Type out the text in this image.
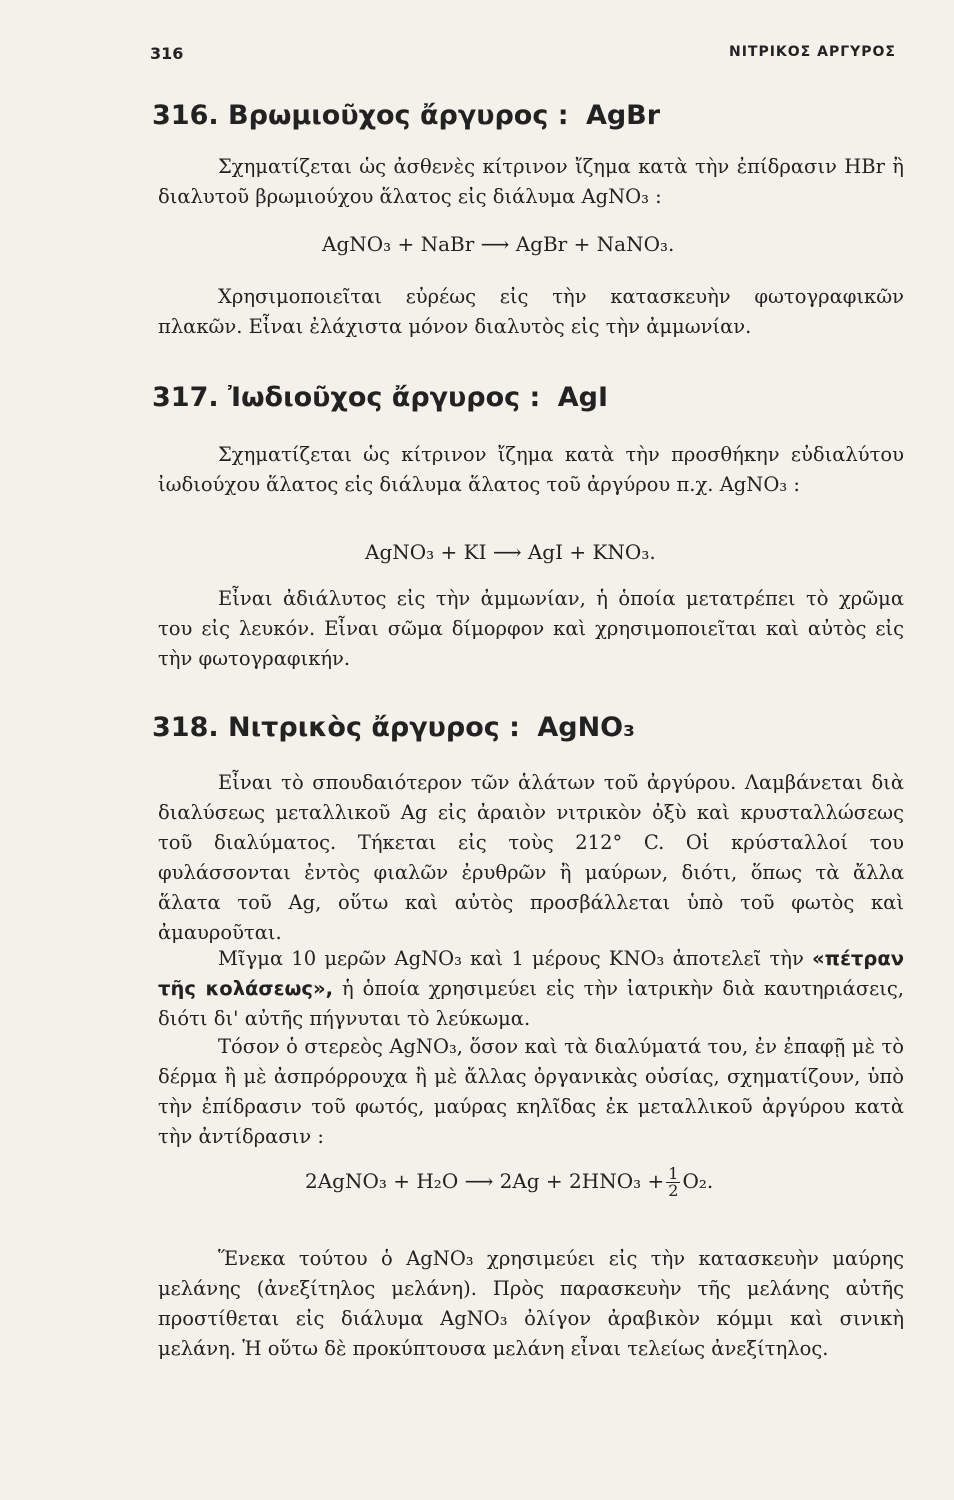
316	ΝΙΤΡΙΚΟΣ ΑΡΓΥΡΟΣ
316. Βρωμιοῦχος ἄργυρος : AgBr

Σχηματίζεται ὡς ἀσθενὲς κίτρινον ἴζημα κατὰ τὴν ἐπίδρασιν HBr ἢ διαλυτοῦ βρωμιούχου ἅλατος εἰς διάλυμα AgNO₃ :

AgNO₃ + NaBr ⟶ AgBr + NaNO₃.

Χρησιμοποιεῖται εὐρέως εἰς τὴν κατασκευὴν φωτογραφικῶν πλακῶν. Εἶναι ἐλάχιστα μόνον διαλυτὸς εἰς τὴν ἀμμωνίαν.

317. Ἰωδιοῦχος ἄργυρος : AgI

Σχηματίζεται ὡς κίτρινον ἴζημα κατὰ τὴν προσθήκην εὐδιαλύτου ἰωδιούχου ἅλατος εἰς διάλυμα ἅλατος τοῦ ἀργύρου π.χ. AgNO₃ :

AgNO₃ + KI ⟶ AgI + KNO₃.

Εἶναι ἀδιάλυτος εἰς τὴν ἀμμωνίαν, ἡ ὁποία μετατρέπει τὸ χρῶμα του εἰς λευκόν. Εἶναι σῶμα δίμορφον καὶ χρησιμοποιεῖται καὶ αὐτὸς εἰς τὴν φωτογραφικήν.

318. Νιτρικὸς ἄργυρος : AgNO₃

Εἶναι τὸ σπουδαιότερον τῶν ἁλάτων τοῦ ἀργύρου. Λαμβάνεται διὰ διαλύσεως μεταλλικοῦ Ag εἰς ἀραιὸν νιτρικὸν ὀξὺ καὶ κρυσταλλώσεως τοῦ διαλύματος. Τήκεται εἰς τοὺς 212° C. Οἱ κρύσταλλοί του φυλάσσονται ἐντὸς φιαλῶν ἐρυθρῶν ἢ μαύρων, διότι, ὅπως τὰ ἄλλα ἅλατα τοῦ Ag, οὕτω καὶ αὐτὸς προσβάλλεται ὑπὸ τοῦ φωτὸς καὶ ἀμαυροῦται.

Μῖγμα 10 μερῶν AgNO₃ καὶ 1 μέρους KNO₃ ἀποτελεῖ τὴν «πέτραν τῆς κολάσεως», ἡ ὁποία χρησιμεύει εἰς τὴν ἰατρικὴν διὰ καυτηριάσεις, διότι δι' αὐτῆς πήγνυται τὸ λεύκωμα.

Τόσον ὁ στερεὸς AgNO₃, ὅσον καὶ τὰ διαλύματά του, ἐν ἐπαφῇ μὲ τὸ δέρμα ἢ μὲ ἀσπρόρρουχα ἢ μὲ ἄλλας ὀργανικὰς οὐσίας, σχηματίζουν, ὑπὸ τὴν ἐπίδρασιν τοῦ φωτός, μαύρας κηλῖδας ἐκ μεταλλικοῦ ἀργύρου κατὰ τὴν ἀντίδρασιν :

2AgNO₃ + H₂O ⟶ $2Ag + 2HNO_3 + \frac{1}{2} O_2$.

Ἕνεκα τούτου ὁ AgNO₃ χρησιμεύει εἰς τὴν κατασκευὴν μαύρης μελάνης (ἀνεξίτηλος μελάνη). Πρὸς παρασκευὴν τῆς μελάνης αὐτῆς προστίθεται εἰς διάλυμα AgNO₃ ὀλίγον ἀραβικὸν κόμμι καὶ σινικὴ μελάνη. Ἡ οὕτω δὲ προκύπτουσα μελάνη εἶναι τελείως ἀνεξίτηλος.
